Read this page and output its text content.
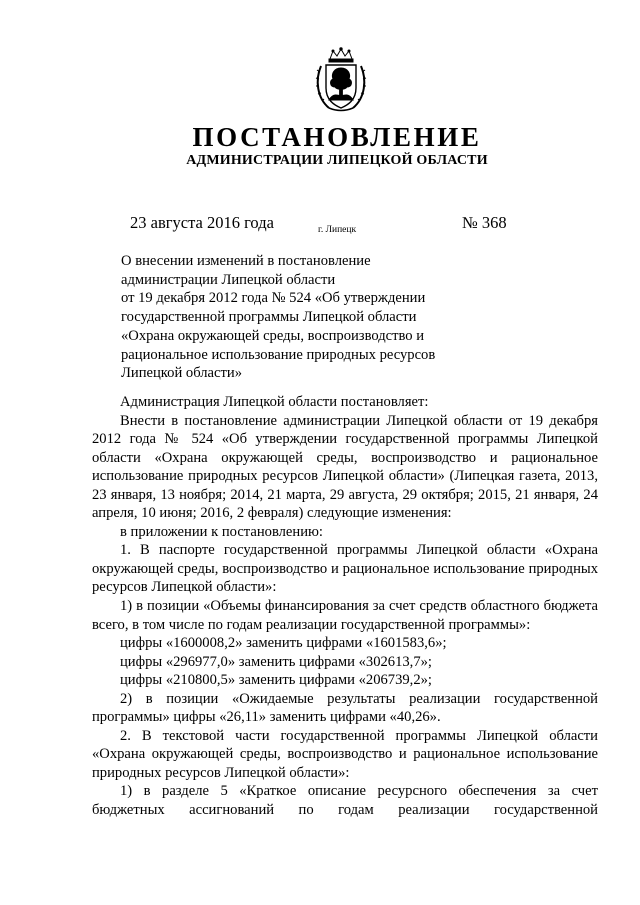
ПОСТАНОВЛЕНИЕ
АДМИНИСТРАЦИИ ЛИПЕЦКОЙ ОБЛАСТИ
23 августа 2016 года	г. Липецк	№ 368
О внесении изменений в постановление
администрации Липецкой области
от 19 декабря 2012 года № 524 «Об утверждении
государственной программы Липецкой области
«Охрана окружающей среды, воспроизводство и
рациональное использование природных ресурсов
Липецкой области»

Администрация Липецкой области постановляет:

Внести в постановление администрации Липецкой области от 19 декабря 2012 года № 524 «Об утверждении государственной программы Липецкой области «Охрана окружающей среды, воспроизводство и рациональное использование природных ресурсов Липецкой области» (Липецкая газета, 2013, 23 января, 13 ноября; 2014, 21 марта, 29 августа, 29 октября; 2015, 21 января, 24 апреля, 10 июня; 2016, 2 февраля) следующие изменения:

в приложении к постановлению:

1. В паспорте государственной программы Липецкой области «Охрана окружающей среды, воспроизводство и рациональное использование природных ресурсов Липецкой области»:

1) в позиции «Объемы финансирования за счет средств областного бюджета всего, в том числе по годам реализации государственной программы»:

цифры «1600008,2» заменить цифрами «1601583,6»;

цифры «296977,0» заменить цифрами «302613,7»;

цифры «210800,5» заменить цифрами «206739,2»;

2) в позиции «Ожидаемые результаты реализации государственной программы» цифры «26,11» заменить цифрами «40,26».

2. В текстовой части государственной программы Липецкой области «Охрана окружающей среды, воспроизводство и рациональное использование природных ресурсов Липецкой области»:

1) в разделе 5 «Краткое описание ресурсного обеспечения за счет бюджетных ассигнований по годам реализации государственной
